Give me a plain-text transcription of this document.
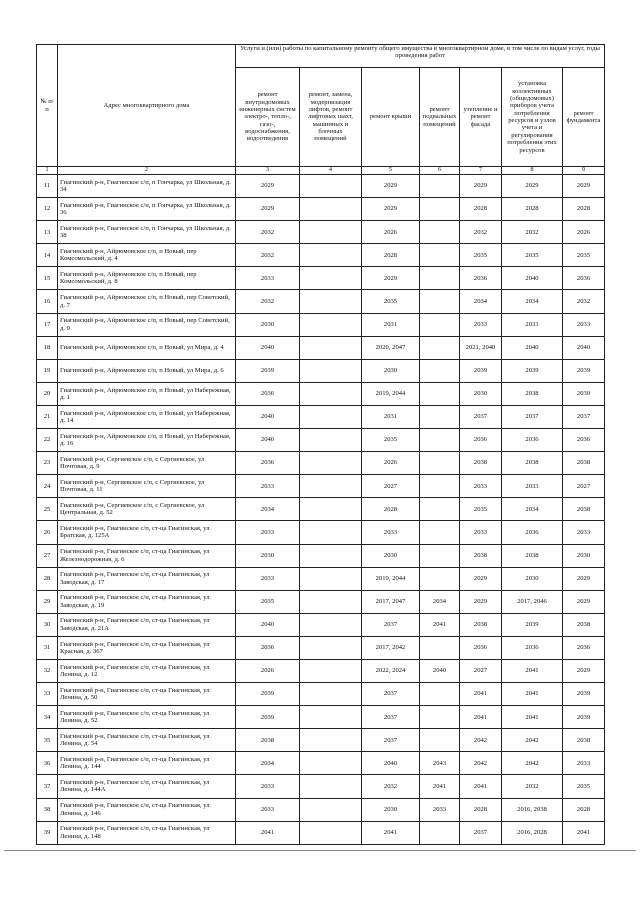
№ п/п	Адрес многоквартирного дома	Услуги и (или) работы по капитальному ремонту общего имущества в многоквартирном доме, в том числе по видам услуг, годы проведения работ						
		ремонт внутридомовых инженерных систем электро-, тепло-, газо-, водоснабжения, водоотведения	ремонт, замена, модернизация лифтов, ремонт лифтовых шахт, машинных и блочных помещений	ремонт крыши	ремонт подвальных помещений	утепление и ремонт фасада	установка коллективных (общедомовых) приборов учета потребления ресурсов и узлов учета и регулирования потребления этих ресурсов	ремонт фундамента
1	2	3	4	5	6	7	8	9
11	Гиагинский р-н, Гиагинское с/п, п Гончарка, ул Школьная, д. 34	2029		2029		2029	2029	2029
12	Гиагинский р-н, Гиагинское с/п, п Гончарка, ул Школьная, д. 36	2029		2029		2028	2028	2028
13	Гиагинский р-н, Гиагинское с/п, п Гончарка, ул Школьная, д. 38	2032		2026		2032	2032	2026
14	Гиагинский р-н, Айрюмовское с/п, п Новый, пер Комсомольский, д. 4	2032		2028		2035	2035	2035
15	Гиагинский р-н, Айрюмовское с/п, п Новый, пер Комсомольский, д. 8	2033		2029		2036	2040	2036
16	Гиагинский р-н, Айрюмовское с/п, п Новый, пер Советский, д. 7	2032		2035		2034	2034	2032
17	Гиагинский р-н, Айрюмовское с/п, п Новый, пер Советский, д. 9	2030		2031		2033	2033	2033
18	Гиагинский р-н, Айрюмовское с/п, п Новый, ул Мира, д. 4	2040		2020, 2047		2021, 2040	2040	2040
19	Гиагинский р-н, Айрюмовское с/п, п Новый, ул Мира, д. 6	2039		2030		2039	2039	2039
20	Гиагинский р-н, Айрюмовское с/п, п Новый, ул Набережная, д. 1	2036		2019, 2044		2030	2038	2030
21	Гиагинский р-н, Айрюмовское с/п, п Новый, ул Набережная, д. 14	2040		2031		2037	2037	2037
22	Гиагинский р-н, Айрюмовское с/п, п Новый, ул Набережная, д. 16	2040		2035		2036	2036	2036
23	Гиагинский р-н, Сергиевское с/п, с Сергиевское, ул Почтовая, д. 9	2036		2026		2038	2038	2038
24	Гиагинский р-н, Сергиевское с/п, с Сергиевское, ул Почтовая, д. 11	2033		2027		2033	2033	2027
25	Гиагинский р-н, Сергиевское с/п, с Сергиевское, ул Центральная, д. 52	2034		2028		2035	2034	2038
26	Гиагинский р-н, Гиагинское с/п, ст-ца Гиагинская, ул Братская, д. 125А	2033		2033		2033	2036	2033
27	Гиагинский р-н, Гиагинское с/п, ст-ца Гиагинская, ул Железнодорожная, д. 6	2030		2030		2038	2038	2030
28	Гиагинский р-н, Гиагинское с/п, ст-ца Гиагинская, ул Заводская, д. 17	2033		2019, 2044		2029	2030	2029
29	Гиагинский р-н, Гиагинское с/п, ст-ца Гиагинская, ул Заводская, д. 19	2035		2017, 2047	2034	2029	2017, 2046	2029
30	Гиагинский р-н, Гиагинское с/п, ст-ца Гиагинская, ул Заводская, д. 21А	2040		2037	2041	2038	2039	2038
31	Гиагинский р-н, Гиагинское с/п, ст-ца Гиагинская, ул Красная, д. 367	2036		2017, 2042		2036	2036	2036
32	Гиагинский р-н, Гиагинское с/п, ст-ца Гиагинская, ул Ленина, д. 12	2026		2022, 2024	2040	2027	2041	2029
33	Гиагинский р-н, Гиагинское с/п, ст-ца Гиагинская, ул Ленина, д. 50	2039		2037		2041	2041	2039
34	Гиагинский р-н, Гиагинское с/п, ст-ца Гиагинская, ул Ленина, д. 52	2039		2037		2041	2041	2039
35	Гиагинский р-н, Гиагинское с/п, ст-ца Гиагинская, ул Ленина, д. 54	2038		2037		2042	2042	2038
36	Гиагинский р-н, Гиагинское с/п, ст-ца Гиагинская, ул Ленина, д. 144	2034		2040	2043	2042	2042	2033
37	Гиагинский р-н, Гиагинское с/п, ст-ца Гиагинская, ул Ленина, д. 144А	2033		2032	2041	2041	2032	2035
38	Гиагинский р-н, Гиагинское с/п, ст-ца Гиагинская, ул Ленина, д. 146	2033		2030	2033	2028	2016, 2038	2028
39	Гиагинский р-н, Гиагинское с/п, ст-ца Гиагинская, ул Ленина, д. 148	2041		2041		2037	2016, 2028	2041
